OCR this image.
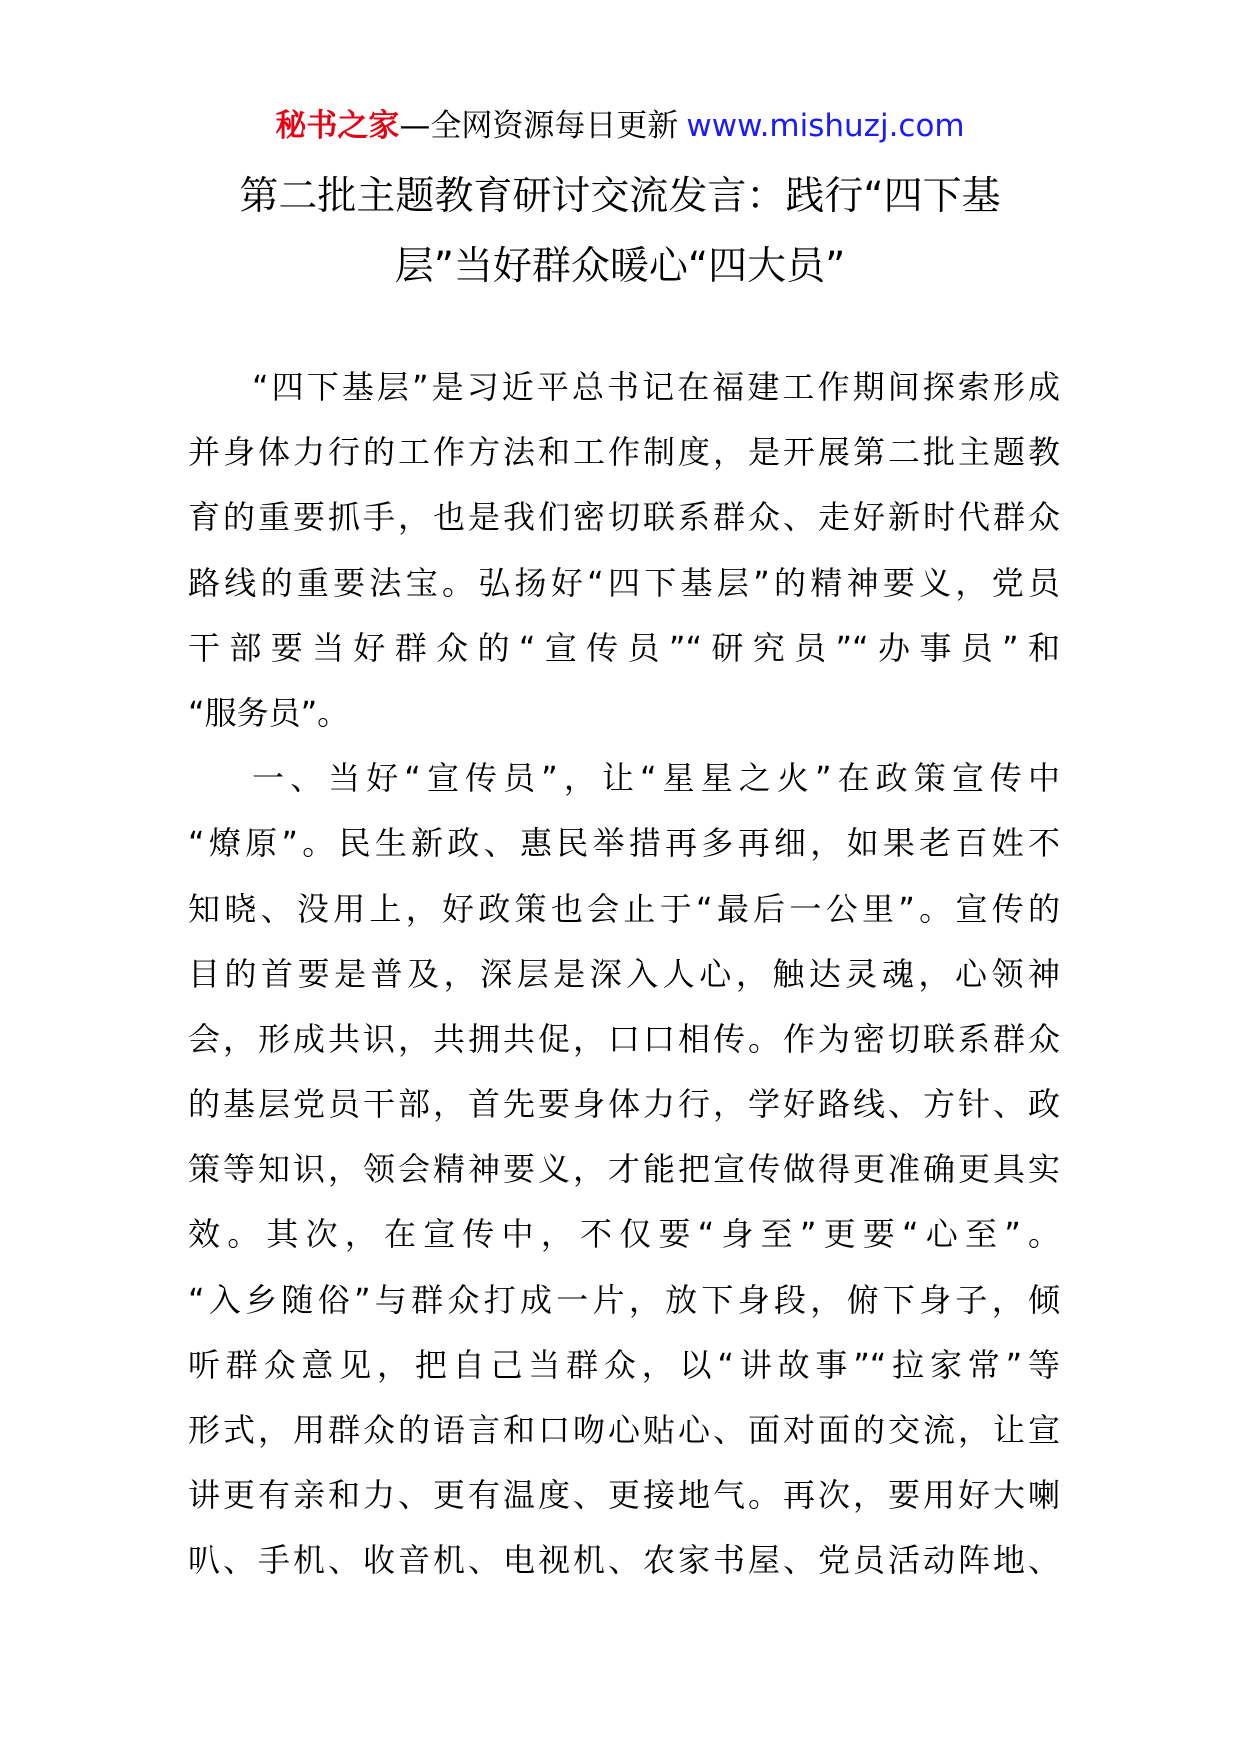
秘书之家—全网资源每日更新 www.mishuzj.com
第二批主题教育研讨交流发言：践行“四下基
层”当好群众暖心“四大员”
“四下基层”是习近平总书记在福建工作期间探索形成
并身体力行的工作方法和工作制度，是开展第二批主题教
育的重要抓手，也是我们密切联系群众、走好新时代群众
路线的重要法宝。弘扬好“四下基层”的精神要义，党员
干部要当好群众的“宣传员”“研究员”“办事员”和
“服务员”。
一、当好“宣传员”，让“星星之火”在政策宣传中
“燎原”。民生新政、惠民举措再多再细，如果老百姓不
知晓、没用上，好政策也会止于“最后一公里”。宣传的
目的首要是普及，深层是深入人心，触达灵魂，心领神
会，形成共识，共拥共促，口口相传。作为密切联系群众
的基层党员干部，首先要身体力行，学好路线、方针、政
策等知识，领会精神要义，才能把宣传做得更准确更具实
效。其次，在宣传中，不仅要“身至”更要“心至”。
“入乡随俗”与群众打成一片，放下身段，俯下身子，倾
听群众意见，把自己当群众，以“讲故事”“拉家常”等
形式，用群众的语言和口吻心贴心、面对面的交流，让宣
讲更有亲和力、更有温度、更接地气。再次，要用好大喇
叭、手机、收音机、电视机、农家书屋、党员活动阵地、
